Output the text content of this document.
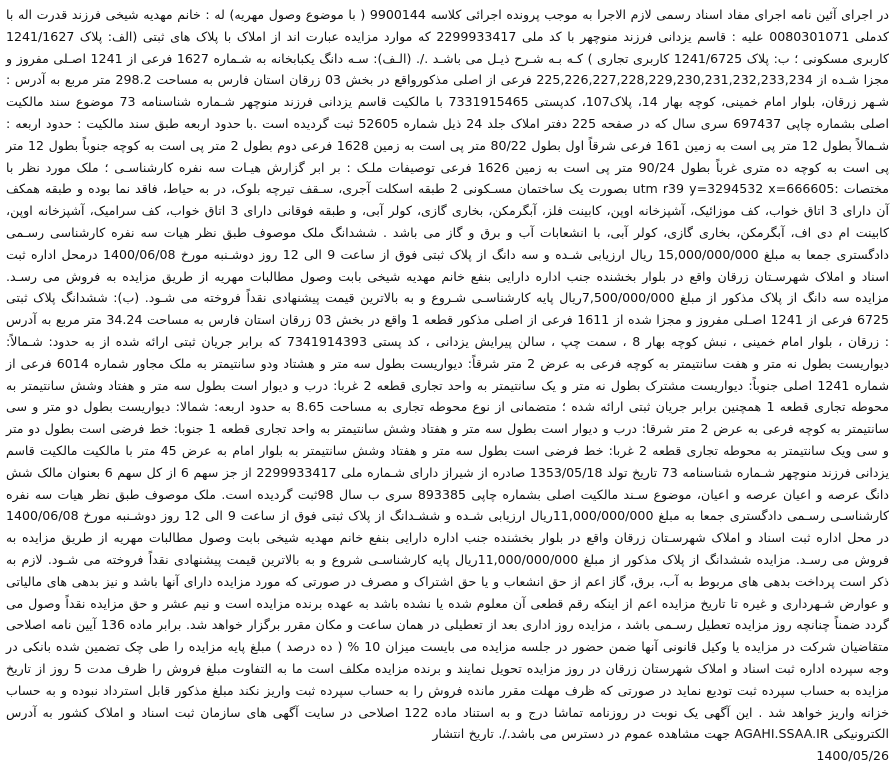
در اجرای آئین نامه اجرای مفاد اسناد رسمی لازم الاجرا به موجب پرونده اجرائی کلاسه 9900144 ( با موضوع وصول مهریه) له : خانم مهدیه شیخی فرزند قدرت اله با کدملی 0080301071 علیه : قاسم یزدانی فرزند منوچهر با کد ملی 2299933417 که موارد مزایده عبارت اند از املاک با پلاک های ثبتی (الف: پلاک 1241/1627 کاربری مسکونی ؛ ب: پلاک 1241/6725 کاربری تجاری ) کـه بـه شـرح ذیـل می باشـد ./. (الـف): سـه دانگ یکبابخانه به شـماره 1627 فرعی از 1241 اصـلی مفروز و مجزا شـده از 225,226,227,228,229,230,231,232,233,234 فرعی از اصلی مذکورواقع در بخش 03 زرقان استان فارس به مساحت 298.2 متر مربع به آدرس : شـهر زرقان، بلوار امام خمینی، کوچه بهار 14، پلاک107، کدپستی 7331915465 با مالکیت قاسم یزدانی فرزند منوچهر شـماره شناسنامه 73 موضوع سند مالکیت اصلی بشماره چاپی 697437 سری سال که در صفحه 225 دفتر املاک جلد 24 ذیل شماره 52605 ثبت گردیده است .با حدود اربعه طبق سند مالکیت : حدود اربعه : شـمالاً بطول 12 متر پی است به زمین 161 فرعی شرقاً اول بطول 80/22 متر پی است به زمین 1628 فرعی دوم بطول 2 متر پی است به کوچه جنوباً بطول 12 متر پی است به کوچه ده متری غرباً بطول 90/24 متر پی است به زمین 1626 فرعی توصیفات ملـک : بر ابر گزارش هیـات سه نفره کارشناسـی ؛ ملک مورد نظر با مختصات :utm r39 y=3294532 x=666605 بصورت یک ساختمان مسـکونی 2 طبقه اسکلت آجری، سـقف تیرچه بلوک، در به حیاط، فاقد نما بوده و طبقه همکف آن دارای 3 اتاق خواب، کف موزائیک، آشپزخانه اوپن، کابینت فلز، آبگرمکن، بخاری گازی، کولر آبی، و طبقه فوقانی دارای 3 اتاق خواب، کف سرامیک، آشپزخانه اوپن، کابینت ام دی اف، آبگرمکن، بخاری گازی، کولر آبی، با انشعابات آب و برق و گاز می باشد . ششدانگ ملک موصوف طبق نظر هیات سه نفره کارشناسی رسـمی دادگستری جمعا به مبلغ 15,000/000/000 ریال ارزیابی شـده و سه دانگ از پلاک ثبتی فوق از ساعت 9 الی 12 روز دوشـنبه مورخ 1400/06/08 درمحل اداره ثبت اسناد و املاک شهرسـتان زرقان واقع در بلوار بخشنده جنب اداره دارایی بنفع خانم مهدیه شیخی بابت وصول مطالبات مهریه از طریق مزایده به فروش می رسـد. مزایده سه دانگ از پلاک مذکور از مبلغ 7,500/000/000ریال پایه کارشناسـی شـروع و به بالاترین قیمت پیشنهادی نقداً فروخته می شـود. (ب): ششدانگ پلاک ثبتی 6725 فرعی از 1241 اصـلی مفروز و مجزا شده از 1611 فرعی از اصلی مذکور قطعه 1 واقع در بخش 03 زرقان استان فارس به مساحت 34.24 متر مربع به آدرس : زرقان ، بلوار امام خمینی ، نبش کوچه بهار 8 ، سمت چپ ، سالن پیرایش یزدانی ، کد پستی 7341914393 که برابر جریان ثبتی ارائه شده از به حدود: شـمالاً: دیواریست بطول نه متر و هفت سانتیمتر به کوچه فرعی به عرض 2 متر شرقاً: دیواریست بطول سه متر و هشتاد ودو سانتیمتر به ملک مجاور شماره 6014 فرعی از شماره 1241 اصلی جنوباً: دیواریست مشترک بطول نه متر و یک سانتیمتر به واحد تجاری قطعه 2 غربا: درب و دیوار است بطول سه متر و هفتاد وشش سانتیمتر به محوطه تجاری قطعه 1 همچنین برابر جریان ثبتی ارائه شده ؛ متضمانی از نوع محوطه تجاری به مساحت 8.65 به حدود اربعه: شمالا: دیواریست بطول دو متر و سی سانتیمتر به کوچه فرعی به عرض 2 متر شرقا: درب و دیوار است بطول سه متر و هفتاد وشش سانتیمتر به واحد تجاری قطعه 1 جنوبا: خط فرضی است بطول دو متر و سی ویک سانتیمتر به محوطه تجاری قطعه 2 غربا: خط فرضی است بطول سه متر و هفتاد وشش سانتیمتر به بلوار امام به عرض 45 متر با مالکیت مالکیت قاسم یزدانی فرزند منوچهر شـماره شناسنامه 73 تاریخ تولد 1353/05/18 صادره از شیراز دارای شـماره ملی 2299933417 از جز سهم 6 از کل سهم 6 بعنوان مالک شش دانگ عرصه و اعیان عرصه و اعیان، موضوع سـند مالکیت اصلی بشماره چاپی 893385 سری ب سال 98ثبت گردیده است. ملک موصوف طبق نظر هیات سه نفره کارشناسـی رسـمی دادگستری جمعا به مبلغ 11,000/000/000ریال ارزیابی شـده و ششـدانگ از پلاک ثبتی فوق از ساعت 9 الی 12 روز دوشـنبه مورخ 1400/06/08 در محل اداره ثبت اسناد و املاک شهرسـتان زرقان واقع در بلوار بخشنده جنب اداره دارایی بنفع خانم مهدیه شیخی بابت وصول مطالبات مهریه از طریق مزایده به فروش می رسـد. مزایده ششدانگ از پلاک مذکور از مبلغ 11,000/000/000ریال پایه کارشناسـی شروع و به بالاترین قیمت پیشنهادی نقداً فروخته می شـود. لازم به ذکر است پرداخت بدهی های مربوط به آب، برق، گاز اعم از حق انشعاب و یا حق اشتراک و مصرف در صورتی که مورد مزایده دارای آنها باشد و نیز بدهی های مالیاتی و عوارض شـهرداری و غیره تا تاریخ مزایده اعم از اینکه رقم قطعی آن معلوم شده یا نشده باشد به عهده برنده مزایده است و نیم عشر و حق مزایده نقداً وصول می گردد ضمناً چنانچه روز مزایده تعطیل رسـمی باشد ، مزایده روز اداری بعد از تعطیلی در همان ساعت و مکان مقرر برگزار خواهد شد. برابر ماده 136 آیین نامه اصلاحی متقاضیان شرکت در مزایده یا وکیل قانونی آنها ضمن حضور در جلسه مزایده می بایست میزان 10 % ( ده درصد ) مبلغ پایه مزایده را طی چک تضمین شده بانکی در وجه سپرده اداره ثبت اسناد و املاک شهرستان زرقان در روز مزایده تحویل نمایند و برنده مزایده مکلف است ما به التفاوت مبلغ فروش را ظرف مدت 5 روز از تاریخ مزایده به حساب سپرده ثبت تودیع نماید در صورتی که ظرف مهلت مقرر مانده فروش را به حساب سپرده ثبت واریز نکند مبلغ مذکور قابل استرداد نبوده و به حساب خزانه واریز خواهد شد . این آگهی یک نوبت در روزنامه تماشا درج و به استناد ماده 122 اصلاحی در سایت آگهی های سازمان ثبت اسناد و املاک کشور به آدرس الکترونیکی AGAHI.SSAA.IR جهت مشاهده عموم در دسترس می باشد./. تاریخ انتشار

1400/05/26
